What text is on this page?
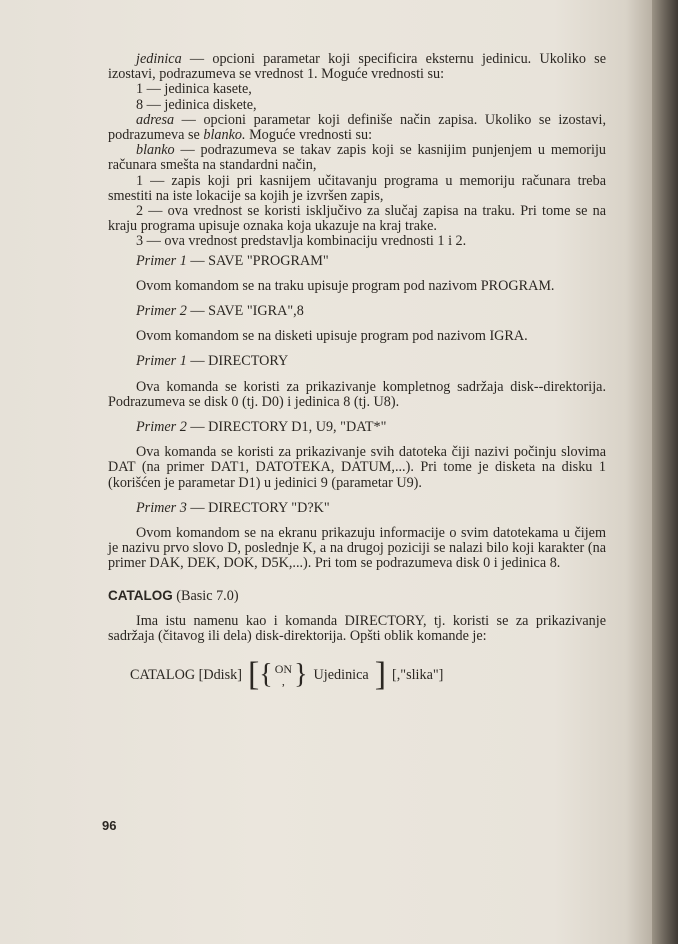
jedinica — opcioni parametar koji specificira eksternu jedinicu. Ukoliko se izostavi, podrazumeva se vrednost 1. Moguće vrednosti su:

1 — jedinica kasete,

8 — jedinica diskete,

adresa — opcioni parametar koji definiše način zapisa. Ukoliko se izostavi, podrazumeva se blanko. Moguće vrednosti su:

blanko — podrazumeva se takav zapis koji se kasnijim punjenjem u memoriju računara smešta na standardni način,

1 — zapis koji pri kasnijem učitavanju programa u memoriju računara treba smestiti na iste lokacije sa kojih je izvršen zapis,

2 — ova vrednost se koristi isključivo za slučaj zapisa na traku. Pri tome se na kraju programa upisuje oznaka koja ukazuje na kraj trake.

3 — ova vrednost predstavlja kombinaciju vrednosti 1 i 2.

Primer 1 — SAVE "PROGRAM"

Ovom komandom se na traku upisuje program pod nazivom PROGRAM.

Primer 2 — SAVE "IGRA",8

Ovom komandom se na disketi upisuje program pod nazivom IGRA.

Primer 1 — DIRECTORY

Ova komanda se koristi za prikazivanje kompletnog sadržaja disk--direktorija. Podrazumeva se disk 0 (tj. D0) i jedinica 8 (tj. U8).

Primer 2 — DIRECTORY D1, U9, "DAT*"

Ova komanda se koristi za prikazivanje svih datoteka čiji nazivi počinju slovima DAT (na primer DAT1, DATOTEKA, DATUM,...). Pri tome je disketa na disku 1 (korišćen je parametar D1) u jedinici 9 (parametar U9).

Primer 3 — DIRECTORY "D?K"

Ovom komandom se na ekranu prikazuju informacije o svim datotekama u čijem je nazivu prvo slovo D, poslednje K, a na drugoj poziciji se nalazi bilo koji karakter (na primer DAK, DEK, DOK, D5K,...). Pri tom se podrazumeva disk 0 i jedinica 8.

CATALOG (Basic 7.0)

Ima istu namenu kao i komanda DIRECTORY, tj. koristi se za prikazivanje sadržaja (čitavog ili dela) disk-direktorija. Opšti oblik komande je:

CATALOG [Ddisk] [ { ON
, } Ujedinica ] [,"slika"]
96
